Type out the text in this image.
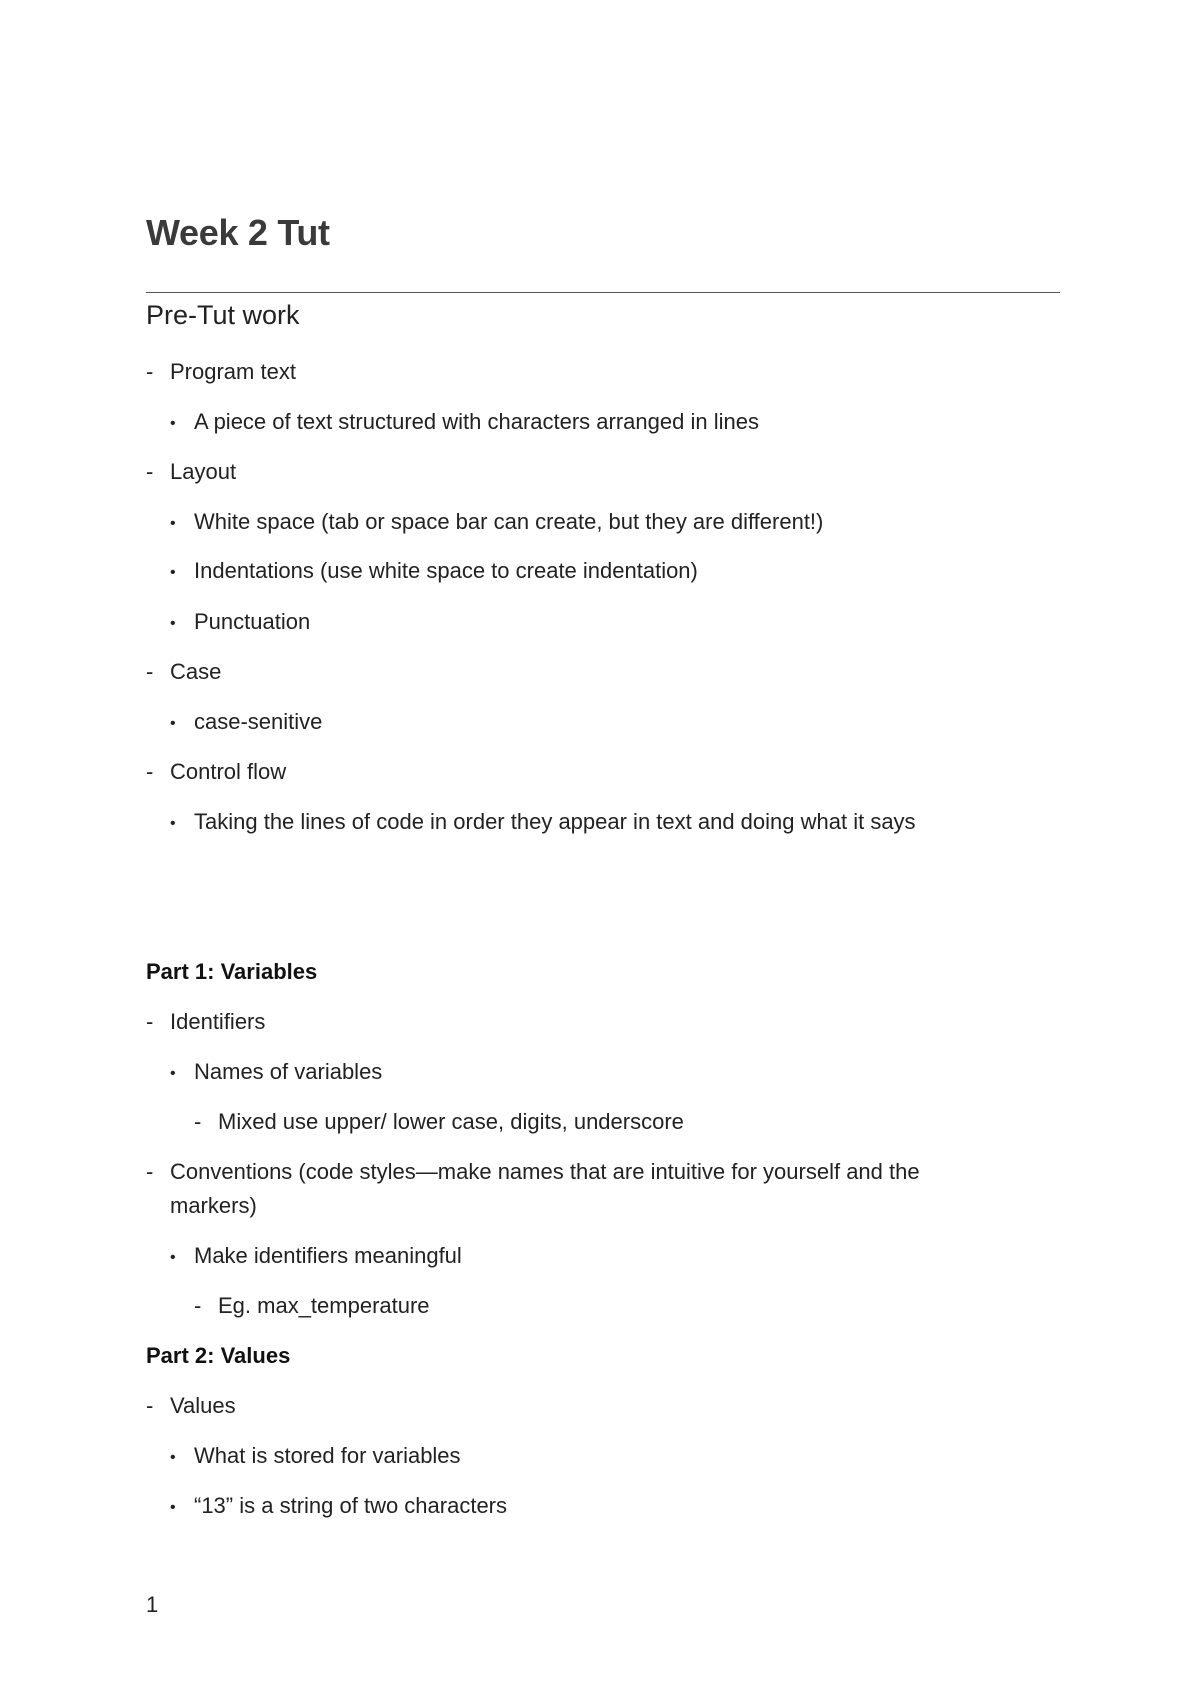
Week 2 Tut
Pre-Tut work
- Program text
• A piece of text structured with characters arranged in lines
- Layout
• White space (tab or space bar can create, but they are different!)
• Indentations (use white space to create indentation)
• Punctuation
- Case
• case-senitive
- Control flow
• Taking the lines of code in order they appear in text and doing what it says
Part 1: Variables
- Identifiers
• Names of variables
- Mixed use upper/ lower case, digits, underscore
- Conventions (code styles—make names that are intuitive for yourself and the
markers)
• Make identifiers meaningful
- Eg. max_temperature
Part 2: Values
- Values
• What is stored for variables
• “13” is a string of two characters
1
